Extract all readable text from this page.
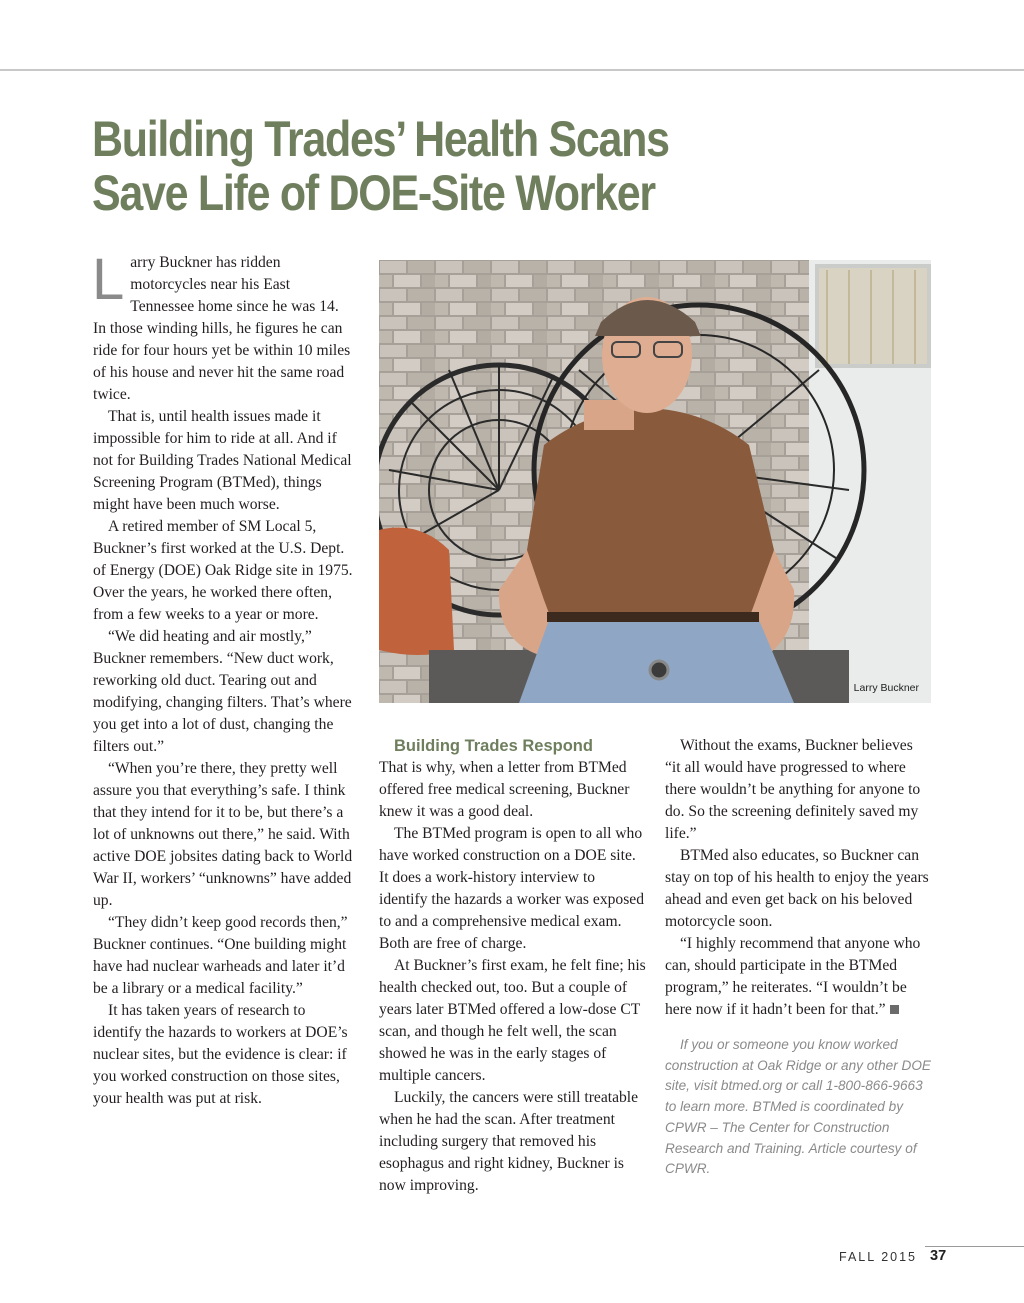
Building Trades’ Health Scans
Save Life of DOE-Site Worker

Larry Buckner has ridden motorcycles near his East Tennessee home since he was 14. In those winding hills, he figures he can ride for four hours yet be within 10 miles of his house and never hit the same road twice.

That is, until health issues made it impossible for him to ride at all. And if not for Building Trades National Medical Screening Program (BTMed), things might have been much worse.

A retired member of SM Local 5, Buckner’s first worked at the U.S. Dept. of Energy (DOE) Oak Ridge site in 1975. Over the years, he worked there often, from a few weeks to a year or more.

“We did heating and air mostly,” Buckner remembers. “New duct work, reworking old duct. Tearing out and modifying, changing filters. That’s where you get into a lot of dust, changing the filters out.”

“When you’re there, they pretty well assure you that everything’s safe. I think that they intend for it to be, but there’s a lot of unknowns out there,” he said. With active DOE jobsites dating back to World War II, workers’ “unknowns” have added up.

“They didn’t keep good records then,” Buckner continues. “One building might have had nuclear warheads and later it’d be a library or a medical facility.”

It has taken years of research to identify the hazards to workers at DOE’s nuclear sites, but the evidence is clear: if you worked construction on those sites, your health was put at risk.

Larry Buckner

Building Trades Respond

That is why, when a letter from BTMed offered free medical screening, Buckner knew it was a good deal.

The BTMed program is open to all who have worked construction on a DOE site. It does a work-history interview to identify the hazards a worker was exposed to and a comprehensive medical exam. Both are free of charge.

At Buckner’s first exam, he felt fine; his health checked out, too. But a couple of years later BTMed offered a low-dose CT scan, and though he felt well, the scan showed he was in the early stages of multiple cancers.

Luckily, the cancers were still treatable when he had the scan. After treatment including surgery that removed his esophagus and right kidney, Buckner is now improving.

Without the exams, Buckner believes “it all would have progressed to where there wouldn’t be anything for anyone to do. So the screening definitely saved my life.”

BTMed also educates, so Buckner can stay on top of his health to enjoy the years ahead and even get back on his beloved motorcycle soon.

“I highly recommend that anyone who can, should participate in the BTMed program,” he reiterates. “I wouldn’t be here now if it hadn’t been for that.”

If you or someone you know worked construction at Oak Ridge or any other DOE site, visit btmed.org or call 1-800-866-9663 to learn more. BTMed is coordinated by CPWR – The Center for Construction Research and Training. Article courtesy of CPWR.

FALL 2015 37
